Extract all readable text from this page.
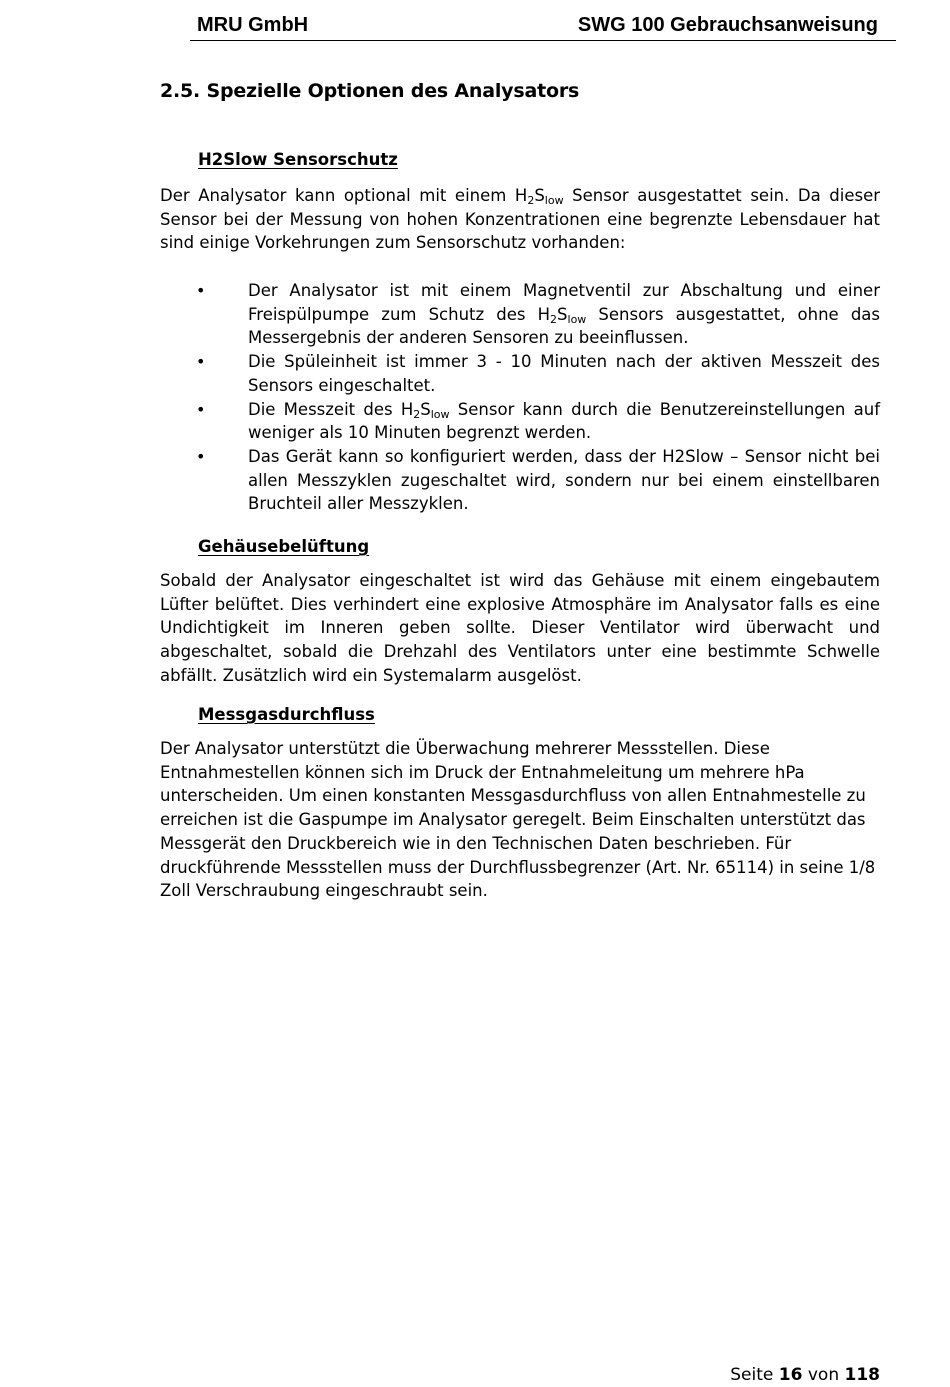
MRU GmbH	SWG 100 Gebrauchsanweisung
2.5. Spezielle Optionen des Analysators
H2Slow Sensorschutz
Der Analysator kann optional mit einem $H_2S_{low}$ Sensor ausgestattet sein. Da dieser Sensor bei der Messung von hohen Konzentrationen eine begrenzte Lebensdauer hat sind einige Vorkehrungen zum Sensorschutz vorhanden:
•	Der Analysator ist mit einem Magnetventil zur Abschaltung und einer Freispülpumpe zum Schutz des $H_2S_{low}$ Sensors ausgestattet, ohne das Messergebnis der anderen Sensoren zu beeinflussen.
•	Die Spüleinheit ist immer 3 - 10 Minuten nach der aktiven Messzeit des Sensors eingeschaltet.
•	Die Messzeit des $H_2S_{low}$ Sensor kann durch die Benutzereinstellungen auf weniger als 10 Minuten begrenzt werden.
•	Das Gerät kann so konfiguriert werden, dass der H2Slow – Sensor nicht bei allen Messzyklen zugeschaltet wird, sondern nur bei einem einstellbaren Bruchteil aller Messzyklen.
Gehäusebelüftung
Sobald der Analysator eingeschaltet ist wird das Gehäuse mit einem eingebautem Lüfter belüftet. Dies verhindert eine explosive Atmosphäre im Analysator falls es eine Undichtigkeit im Inneren geben sollte. Dieser Ventilator wird überwacht und abgeschaltet, sobald die Drehzahl des Ventilators unter eine bestimmte Schwelle abfällt. Zusätzlich wird ein Systemalarm ausgelöst.
Messgasdurchfluss
Der Analysator unterstützt die Überwachung mehrerer Messstellen. Diese
Entnahmestellen können sich im Druck der Entnahmeleitung um mehrere hPa
unterscheiden. Um einen konstanten Messgasdurchfluss von allen Entnahmestelle zu
erreichen ist die Gaspumpe im Analysator geregelt. Beim Einschalten unterstützt das
Messgerät den Druckbereich wie in den Technischen Daten beschrieben. Für
druckführende Messstellen muss der Durchflussbegrenzer (Art. Nr. 65114) in seine 1/8
Zoll Verschraubung eingeschraubt sein.
Seite 16 von 118
